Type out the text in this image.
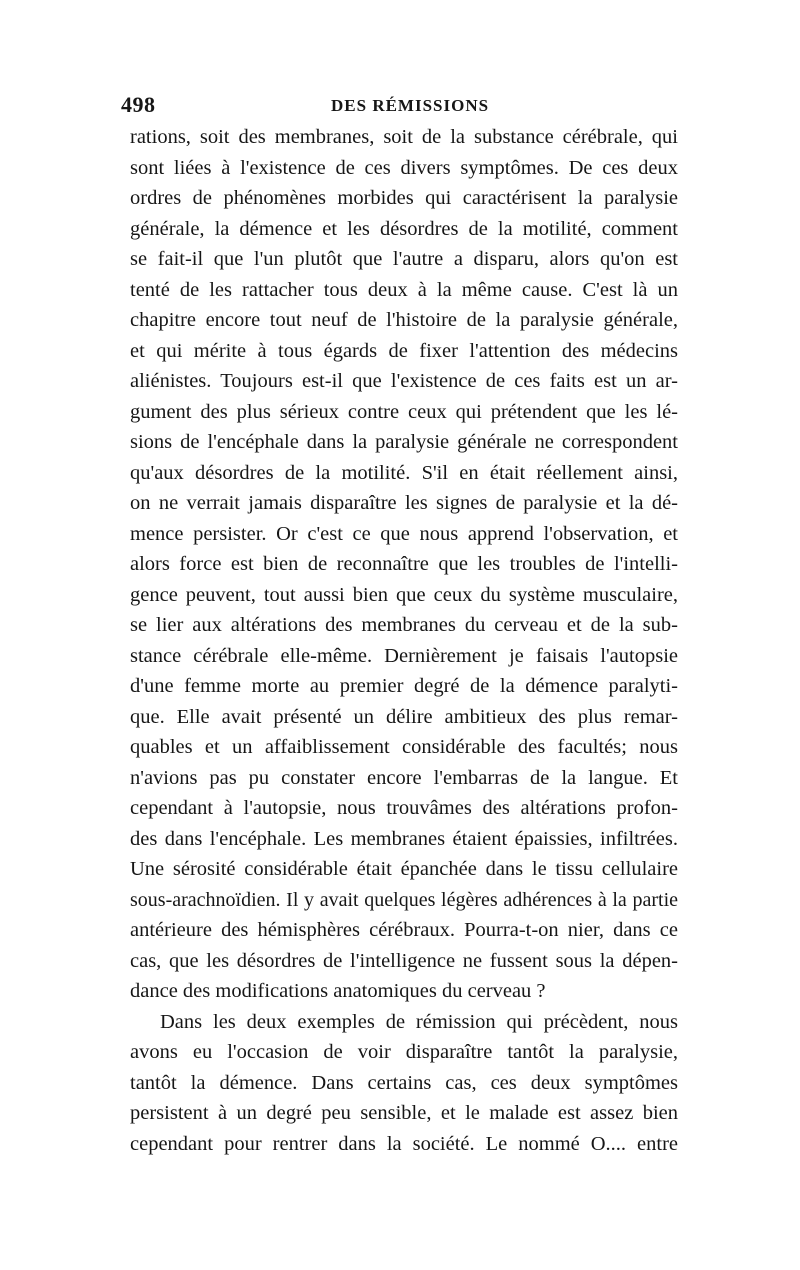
498	DES RÉMISSIONS
rations, soit des membranes, soit de la substance cérébrale, qui
sont liées à l'existence de ces divers symptômes. De ces deux
ordres de phénomènes morbides qui caractérisent la paralysie
générale, la démence et les désordres de la motilité, comment
se fait-il que l'un plutôt que l'autre a disparu, alors qu'on est
tenté de les rattacher tous deux à la même cause. C'est là un
chapitre encore tout neuf de l'histoire de la paralysie générale,
et qui mérite à tous égards de fixer l'attention des médecins
aliénistes. Toujours est-il que l'existence de ces faits est un ar-
gument des plus sérieux contre ceux qui prétendent que les lé-
sions de l'encéphale dans la paralysie générale ne correspondent
qu'aux désordres de la motilité. S'il en était réellement ainsi,
on ne verrait jamais disparaître les signes de paralysie et la dé-
mence persister. Or c'est ce que nous apprend l'observation, et
alors force est bien de reconnaître que les troubles de l'intelli-
gence peuvent, tout aussi bien que ceux du système musculaire,
se lier aux altérations des membranes du cerveau et de la sub-
stance cérébrale elle-même. Dernièrement je faisais l'autopsie
d'une femme morte au premier degré de la démence paralyti-
que. Elle avait présenté un délire ambitieux des plus remar-
quables et un affaiblissement considérable des facultés; nous
n'avions pas pu constater encore l'embarras de la langue. Et
cependant à l'autopsie, nous trouvâmes des altérations profon-
des dans l'encéphale. Les membranes étaient épaissies, infiltrées.
Une sérosité considérable était épanchée dans le tissu cellulaire
sous-arachnoïdien. Il y avait quelques légères adhérences à la partie
antérieure des hémisphères cérébraux. Pourra-t-on nier, dans ce
cas, que les désordres de l'intelligence ne fussent sous la dépen-
dance des modifications anatomiques du cerveau ?
Dans les deux exemples de rémission qui précèdent, nous
avons eu l'occasion de voir disparaître tantôt la paralysie,
tantôt la démence. Dans certains cas, ces deux symptômes
persistent à un degré peu sensible, et le malade est assez bien
cependant pour rentrer dans la société. Le nommé O.... entre
